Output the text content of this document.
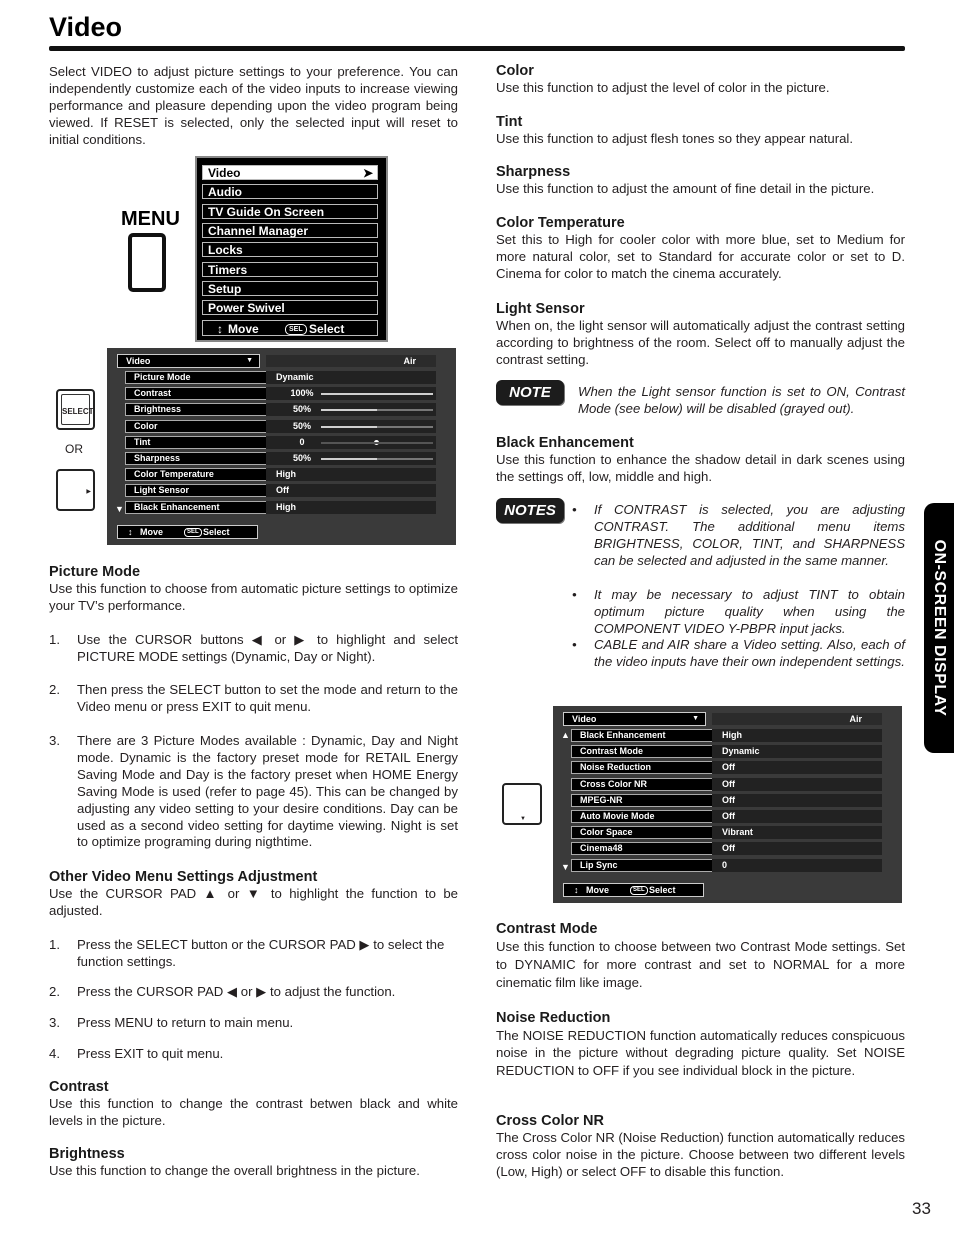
Video

Select VIDEO to adjust picture settings to your preference. You can independently customize each of the video inputs to increase viewing performance and pleasure depending upon the video program being viewed. If RESET is selected, only the selected input will reset to initial conditions.

MENU
Video	➤
Audio
TV Guide On Screen
Channel Manager
Locks
Timers
Setup
Power Swivel
↕ Move	SEL Select
SELECT
OR
▶
Video	▼	Air
▼
↕ Move	SEL Select
Picture Mode	Dynamic
Contrast	100%
Brightness	50%
Color	50%
Tint	0
Sharpness	50%
Color Temperature	High
Light Sensor	Off
Black Enhancement	High
Picture Mode

Use this function to choose from automatic picture settings to optimize your TV’s performance.

1.	Use the CURSOR buttons ◀ or ▶ to highlight and select PICTURE MODE settings (Dynamic, Day or Night).
2.	Then press the SELECT button to set the mode and return to the Video menu or press EXIT to quit menu.
3.	There are 3 Picture Modes available : Dynamic, Day and Night mode. Dynamic is the factory preset mode for RETAIL Energy Saving Mode and Day is the factory preset when HOME Energy Saving Mode is used (refer to page 45). This can be changed by adjusting any video setting to your desire conditions. Day can be used as a second video setting for daytime viewing. Night is set to optimize programing during nigthtime.
Other Video Menu Settings Adjustment

Use the CURSOR PAD ▲ or ▼ to highlight the function to be adjusted.

1.	Press the SELECT button or the CURSOR PAD ▶ to select the function settings.
2.	Press the CURSOR PAD ◀ or ▶ to adjust the function.
3.	Press MENU to return to main menu.
4.	Press EXIT to quit menu.
Contrast

Use this function to change the contrast betwen black and white levels in the picture.

Brightness

Use this function to change the overall brightness in the picture.

Color

Use this function to adjust the level of color in the picture.

Tint

Use this function to adjust flesh tones so they appear natural.

Sharpness

Use this function to adjust the amount of fine detail in the picture.

Color Temperature

Set this to High for cooler color with more blue, set to Medium for more natural color, set to Standard for accurate color or set to D. Cinema for color to match the cinema accurately.

Light Sensor

When on, the light sensor will automatically adjust the contrast setting according to brightness of the room. Select off to manually adjust the contrast setting.

NOTE	When the Light sensor function is set to ON, Contrast Mode (see below) will be disabled (grayed out).
Black Enhancement

Use this function to enhance the shadow detail in dark scenes using the settings off, low, middle and high.

NOTES	• If CONTRAST is selected, you are adjusting CONTRAST. The additional menu items BRIGHTNESS, COLOR, TINT, and SHARPNESS can be selected and adjusted in the same manner.
• It may be necessary to adjust TINT to obtain optimum picture quality when using the COMPONENT VIDEO Y-PBPR input jacks.
• CABLE and AIR share a Video setting. Also, each of the video inputs have their own independent settings.
▼
Video	▼	Air
▲
▼
↕ Move	SEL Select
Black Enhancement	High
Contrast Mode	Dynamic
Noise Reduction	Off
Cross Color NR	Off
MPEG-NR	Off
Auto Movie Mode	Off
Color Space	Vibrant
Cinema48	Off
Lip Sync	0
Contrast Mode

Use this function to choose between two Contrast Mode settings. Set to DYNAMIC for more contrast and set to NORMAL for a more cinematic film like image.

Noise Reduction

The NOISE REDUCTION function automatically reduces conspicuous noise in the picture without degrading picture quality. Set NOISE REDUCTION to OFF if you see individual block in the picture.

Cross Color NR

The Cross Color NR (Noise Reduction) function automatically reduces cross color noise in the picture. Choose between two different levels (Low, High) or select OFF to disable this function.

ON-SCREEN DISPLAY
33
